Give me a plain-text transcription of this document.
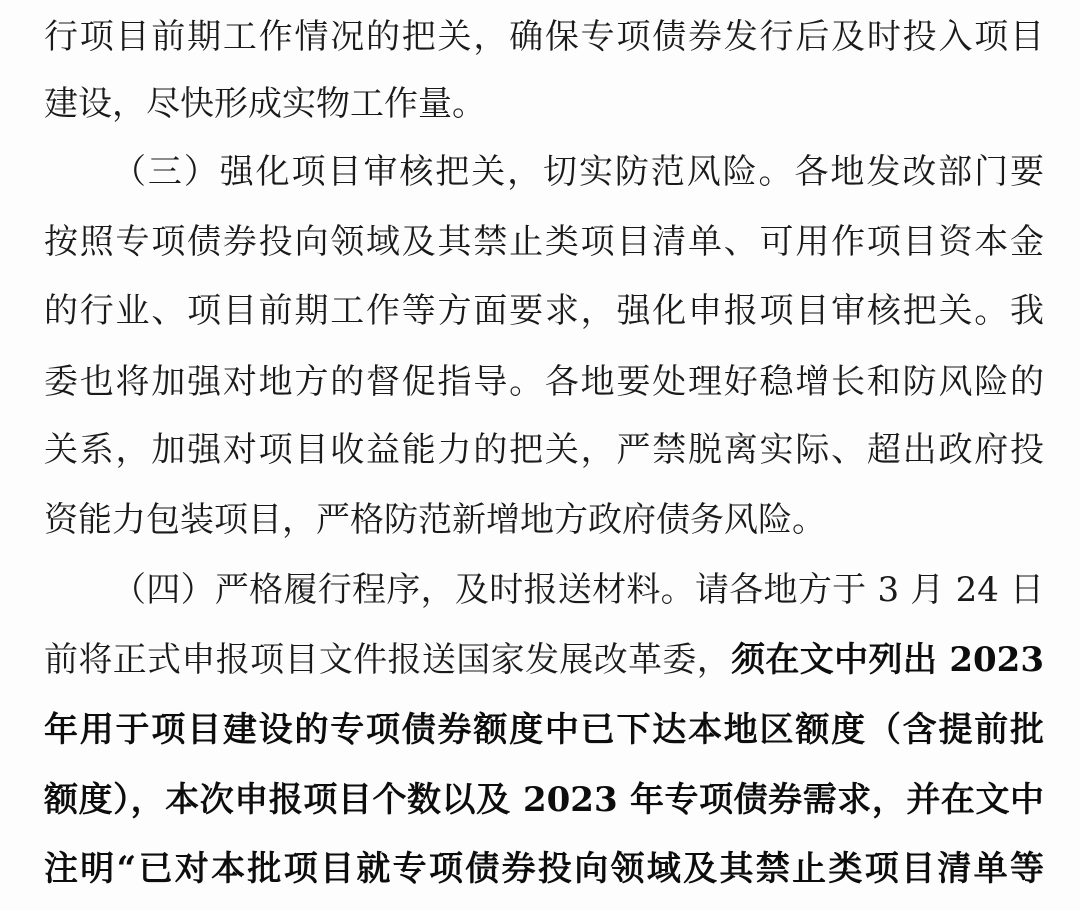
行项目前期工作情况的把关，确保专项债券发行后及时投入项目

建设，尽快形成实物工作量。

（三）强化项目审核把关，切实防范风险。各地发改部门要

按照专项债券投向领域及其禁止类项目清单、可用作项目资本金

的行业、项目前期工作等方面要求，强化申报项目审核把关。我

委也将加强对地方的督促指导。各地要处理好稳增长和防风险的

关系，加强对项目收益能力的把关，严禁脱离实际、超出政府投

资能力包装项目，严格防范新增地方政府债务风险。

（四）严格履行程序，及时报送材料。请各地方于 3 月 24 日

前将正式申报项目文件报送国家发展改革委，须在文中列出 2023

年用于项目建设的专项债券额度中已下达本地区额度（含提前批

额度），本次申报项目个数以及 2023 年专项债券需求，并在文中

注明“已对本批项目就专项债券投向领域及其禁止类项目清单等
